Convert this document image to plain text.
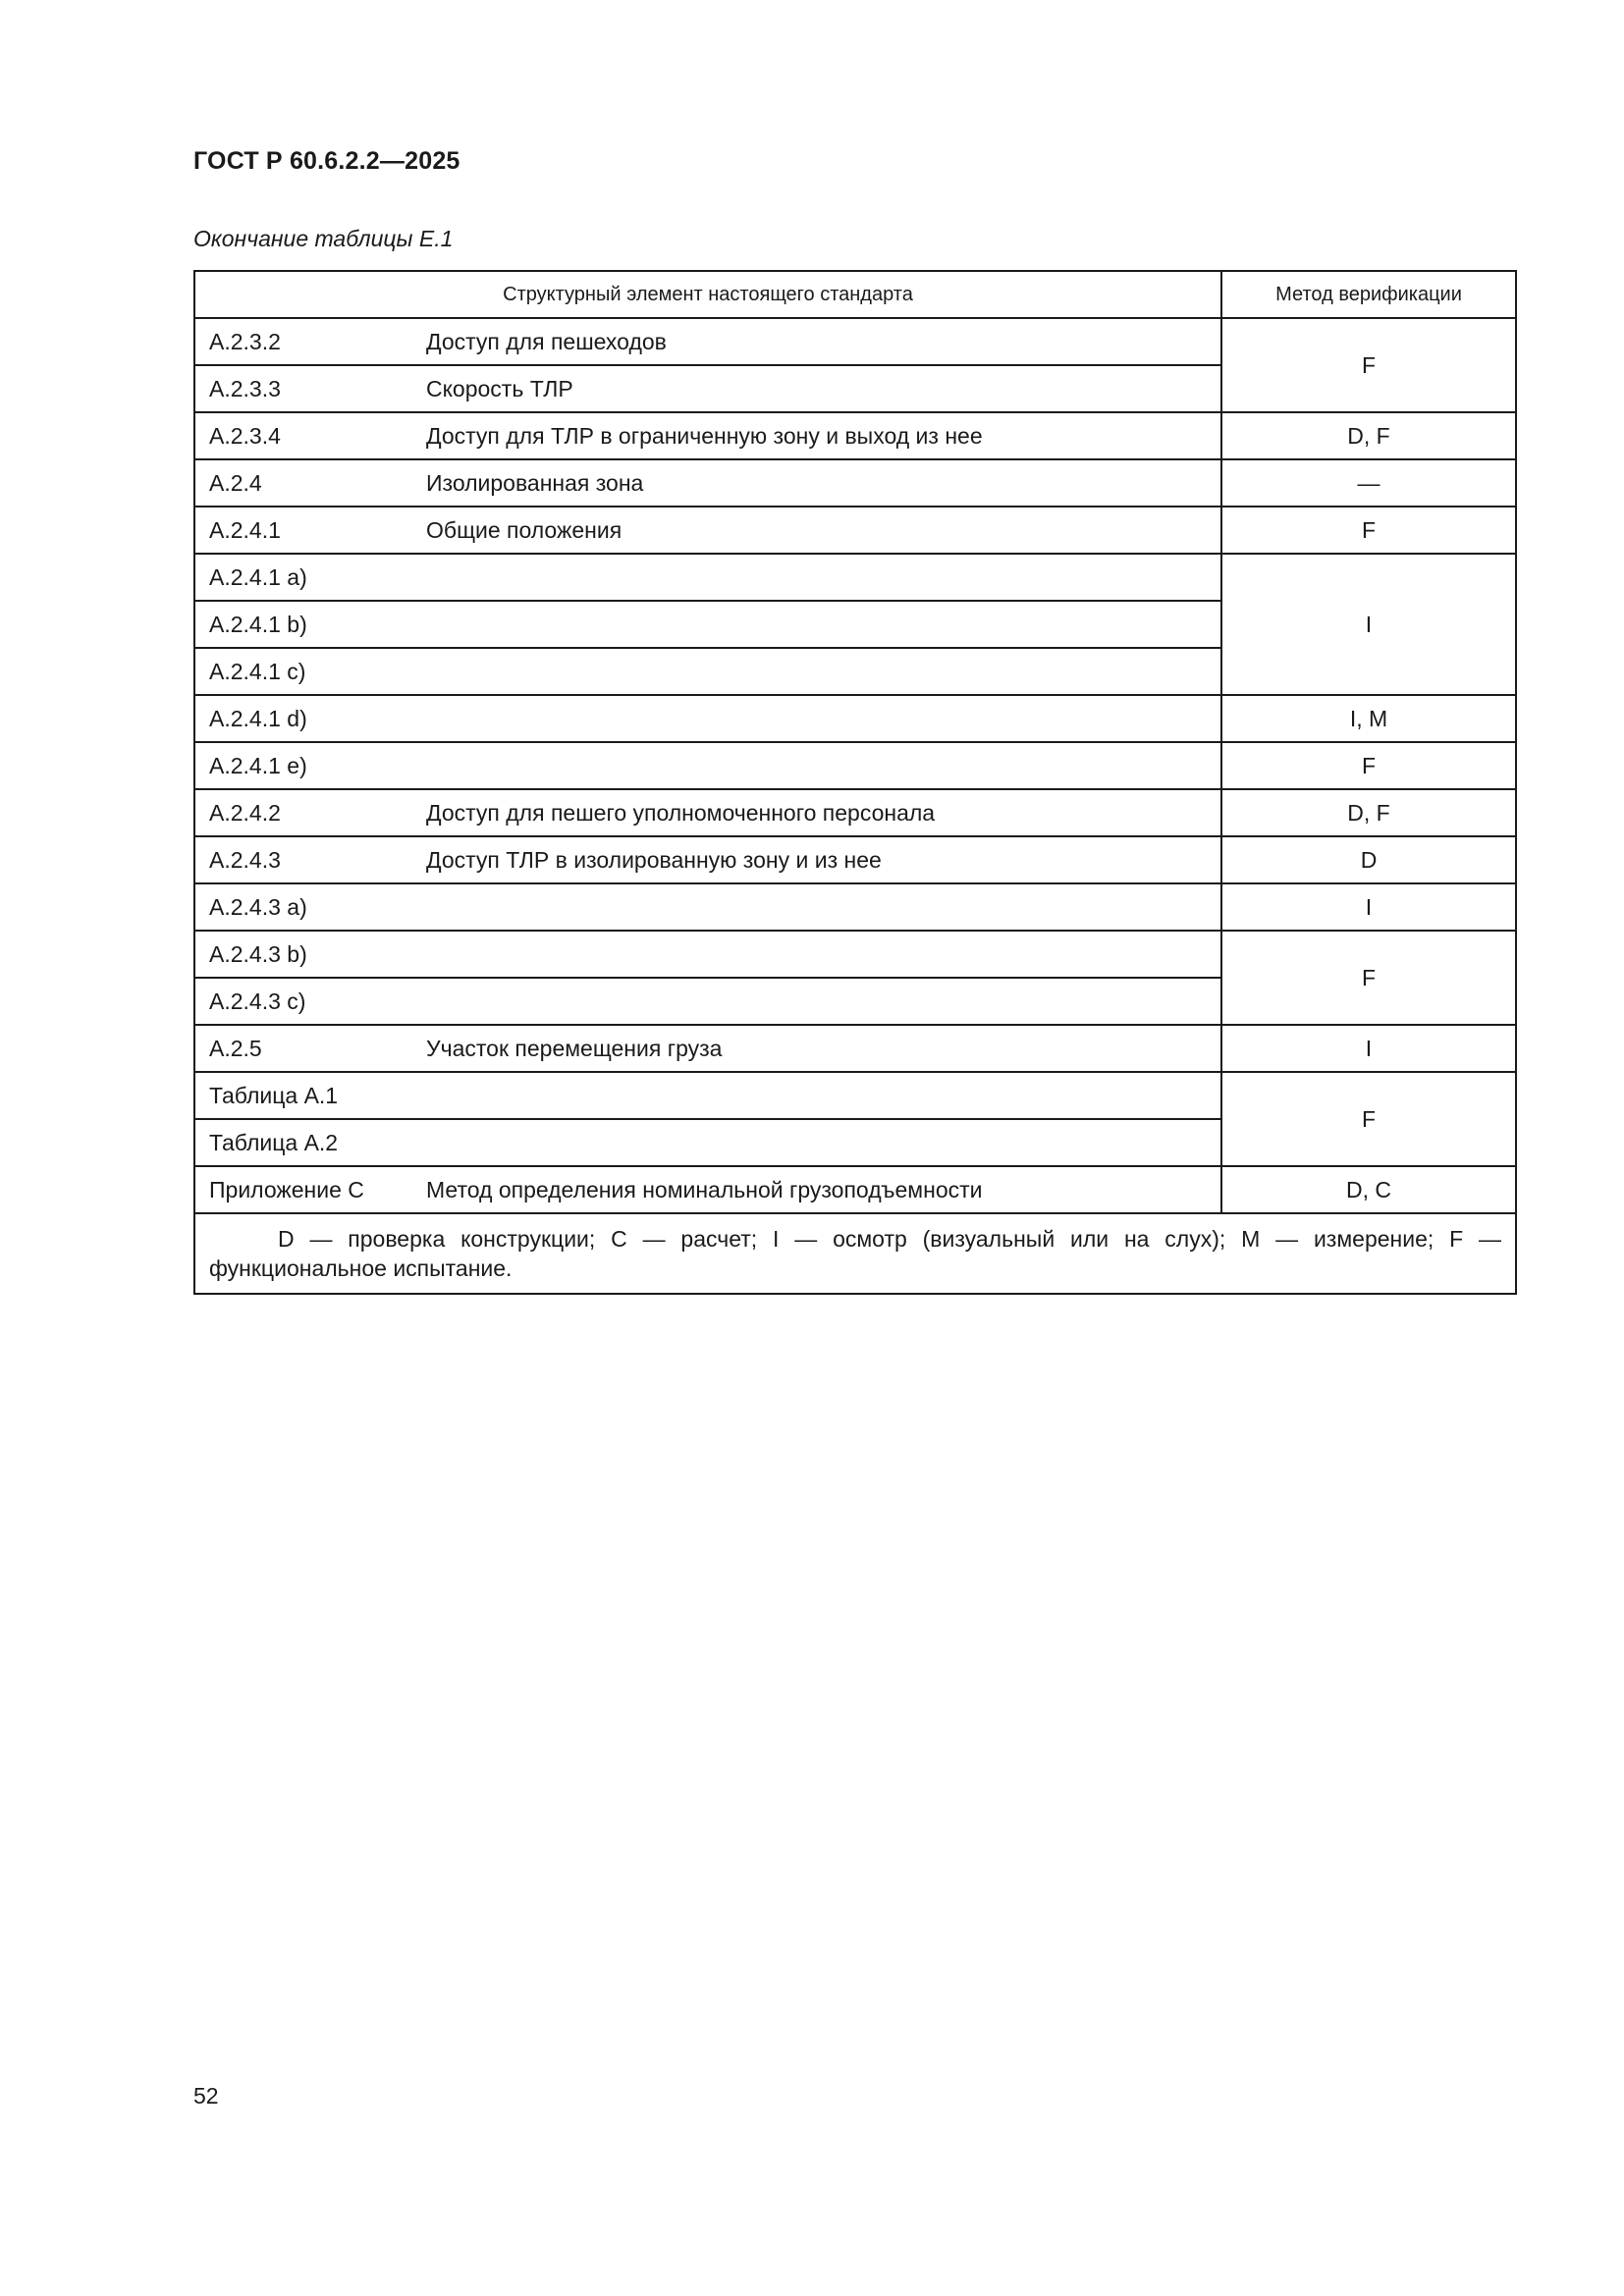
ГОСТ Р 60.6.2.2—2025
Окончание таблицы Е.1
Структурный элемент настоящего стандарта		Метод верификации
A.2.3.2	Доступ для пешеходов	F
A.2.3.3	Скорость ТЛР	
A.2.3.4	Доступ для ТЛР в ограниченную зону и выход из нее	D, F
A.2.4	Изолированная зона	—
A.2.4.1	Общие положения	F
A.2.4.1 a)		I
A.2.4.1 b)		
A.2.4.1 c)		
A.2.4.1 d)		I, M
A.2.4.1 e)		F
A.2.4.2	Доступ для пешего уполномоченного персонала	D, F
A.2.4.3	Доступ ТЛР в изолированную зону и из нее	D
A.2.4.3 a)		I
A.2.4.3 b)		F
A.2.4.3 c)		
A.2.5	Участок перемещения груза	I
Таблица A.1		F
Таблица A.2		
Приложение C	Метод определения номинальной грузоподъемности	D, C
D — проверка конструкции; C — расчет; I — осмотр (визуальный или на слух); M — измерение; F — функциональное испытание.		
52
